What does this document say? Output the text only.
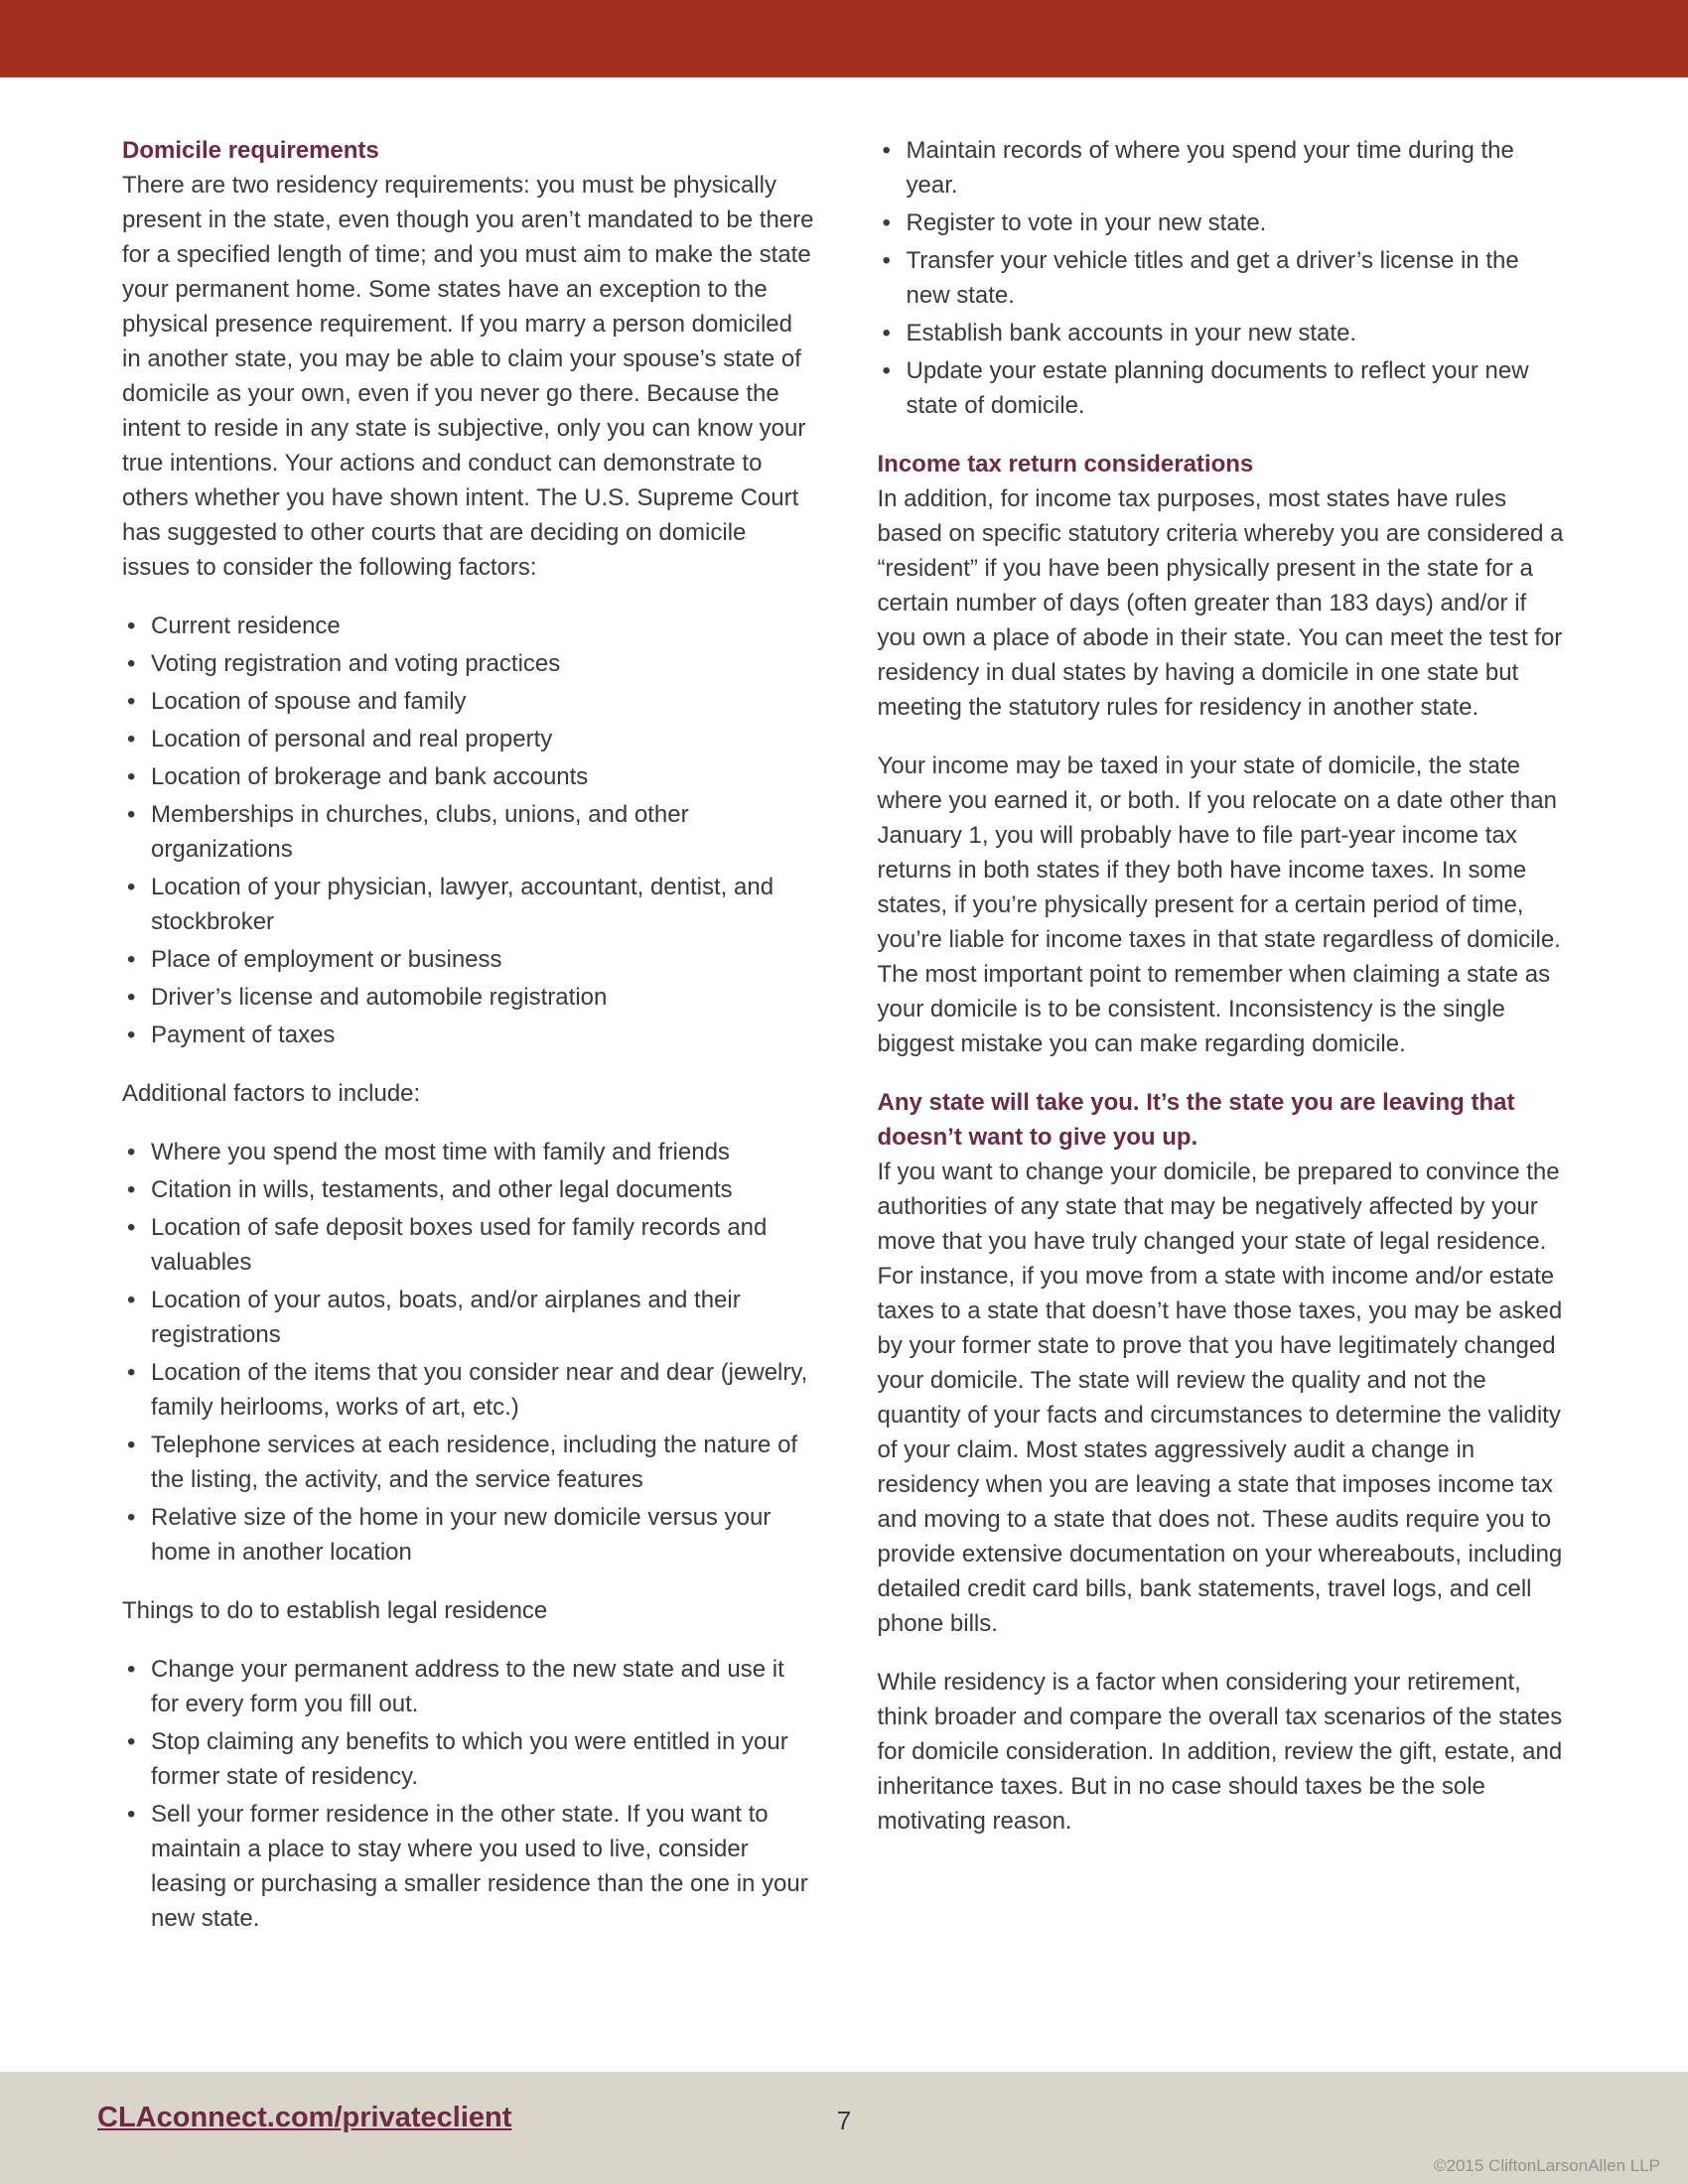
Domicile requirements

There are two residency requirements: you must be physically present in the state, even though you aren’t mandated to be there for a specified length of time; and you must aim to make the state your permanent home. Some states have an exception to the physical presence requirement. If you marry a person domiciled in another state, you may be able to claim your spouse’s state of domicile as your own, even if you never go there. Because the intent to reside in any state is subjective, only you can know your true intentions. Your actions and conduct can demonstrate to others whether you have shown intent. The U.S. Supreme Court has suggested to other courts that are deciding on domicile issues to consider the following factors:

• Current residence
• Voting registration and voting practices
• Location of spouse and family
• Location of personal and real property
• Location of brokerage and bank accounts
• Memberships in churches, clubs, unions, and other organizations
• Location of your physician, lawyer, accountant, dentist, and stockbroker
• Place of employment or business
• Driver’s license and automobile registration
• Payment of taxes

Additional factors to include:

• Where you spend the most time with family and friends
• Citation in wills, testaments, and other legal documents
• Location of safe deposit boxes used for family records and valuables
• Location of your autos, boats, and/or airplanes and their registrations
• Location of the items that you consider near and dear (jewelry, family heirlooms, works of art, etc.)
• Telephone services at each residence, including the nature of the listing, the activity, and the service features
• Relative size of the home in your new domicile versus your home in another location

Things to do to establish legal residence

• Change your permanent address to the new state and use it for every form you fill out.
• Stop claiming any benefits to which you were entitled in your former state of residency.
• Sell your former residence in the other state. If you want to maintain a place to stay where you used to live, consider leasing or purchasing a smaller residence than the one in your new state.
• Maintain records of where you spend your time during the year.
• Register to vote in your new state.
• Transfer your vehicle titles and get a driver’s license in the new state.
• Establish bank accounts in your new state.
• Update your estate planning documents to reflect your new state of domicile.
Income tax return considerations

In addition, for income tax purposes, most states have rules based on specific statutory criteria whereby you are considered a “resident” if you have been physically present in the state for a certain number of days (often greater than 183 days) and/or if you own a place of abode in their state. You can meet the test for residency in dual states by having a domicile in one state but meeting the statutory rules for residency in another state.

Your income may be taxed in your state of domicile, the state where you earned it, or both. If you relocate on a date other than January 1, you will probably have to file part-year income tax returns in both states if they both have income taxes. In some states, if you’re physically present for a certain period of time, you’re liable for income taxes in that state regardless of domicile. The most important point to remember when claiming a state as your domicile is to be consistent. Inconsistency is the single biggest mistake you can make regarding domicile.

Any state will take you. It’s the state you are leaving that doesn’t want to give you up.

If you want to change your domicile, be prepared to convince the authorities of any state that may be negatively affected by your move that you have truly changed your state of legal residence. For instance, if you move from a state with income and/or estate taxes to a state that doesn’t have those taxes, you may be asked by your former state to prove that you have legitimately changed your domicile. The state will review the quality and not the quantity of your facts and circumstances to determine the validity of your claim. Most states aggressively audit a change in residency when you are leaving a state that imposes income tax and moving to a state that does not. These audits require you to provide extensive documentation on your whereabouts, including detailed credit card bills, bank statements, travel logs, and cell phone bills.

While residency is a factor when considering your retirement, think broader and compare the overall tax scenarios of the states for domicile consideration. In addition, review the gift, estate, and inheritance taxes. But in no case should taxes be the sole motivating reason.

CLAconnect.com/privateclient	7
©2015 CliftonLarsonAllen LLP
